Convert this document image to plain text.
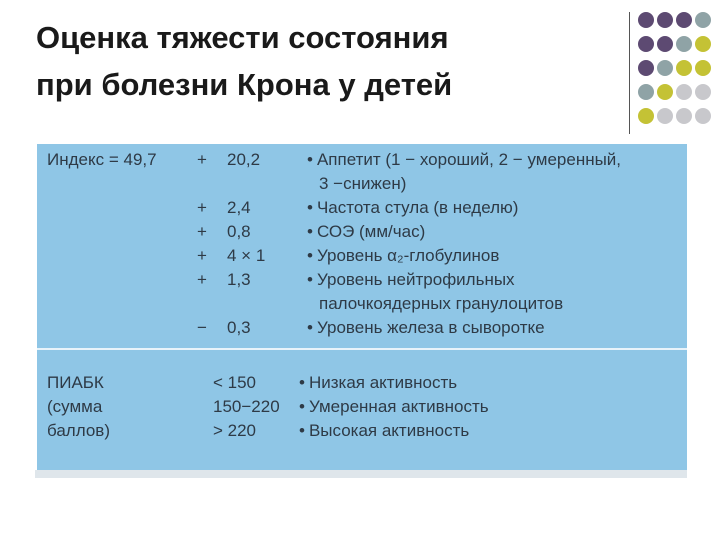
Оценка тяжести состояния
при болезни Крона у детей
Индекс = 49,7 + 20,2	• Аппетит (1 − хороший, 2 − умеренный,
3 −снижен)
+ 2,4	• Частота стула (в неделю)
+ 0,8	• СОЭ (мм/час)
+ 4 × 1	• Уровень α₂-глобулинов
+ 1,3	• Уровень нейтрофильных
палочкоядерных гранулоцитов
− 0,3	• Уровень железа в сыворотке
ПИАБК
(сумма
баллов)
< 150	• Низкая активность
150−220	• Умеренная активность
> 220	• Высокая активность
